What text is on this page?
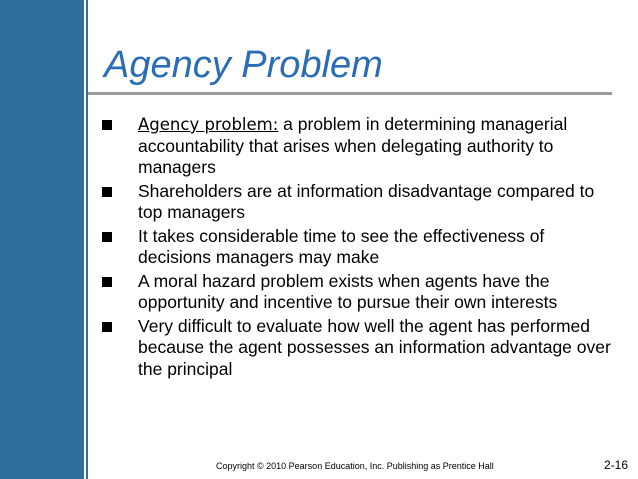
Agency Problem
Agency problem: a problem in determining managerial accountability that arises when delegating authority to managers
Shareholders are at information disadvantage compared to top managers
It takes considerable time to see the effectiveness of decisions managers may make
A moral hazard problem exists when agents have the opportunity and incentive to pursue their own interests
Very difficult to evaluate how well the agent has performed because the agent possesses an information advantage over the principal
Copyright © 2010 Pearson Education, Inc. Publishing as Prentice Hall	2-16
